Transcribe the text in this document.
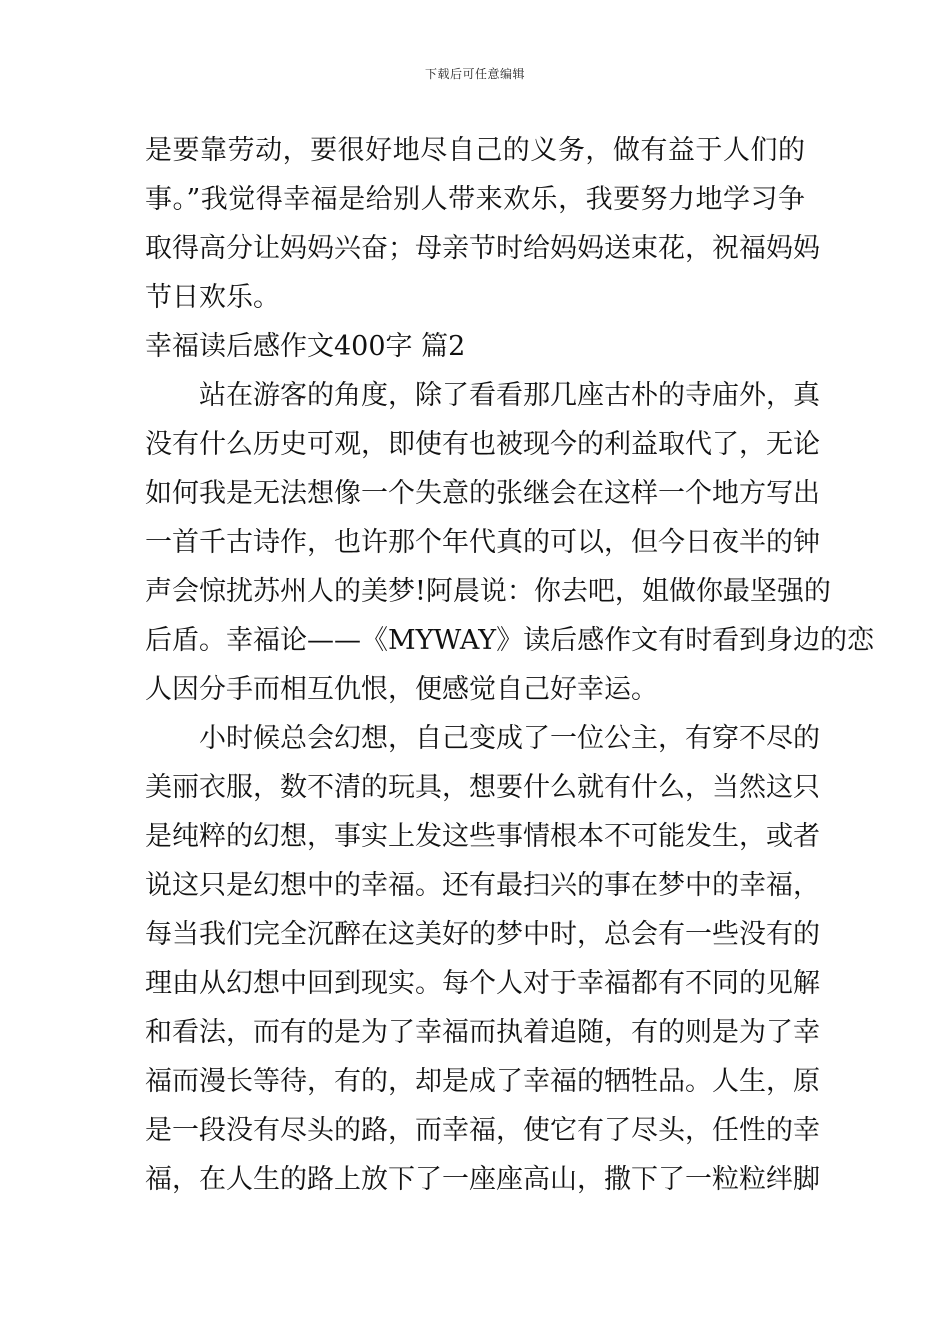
下载后可任意编辑
是要靠劳动，要很好地尽自己的义务，做有益于人们的
事。”我觉得幸福是给别人带来欢乐，我要努力地学习争
取得高分让妈妈兴奋；母亲节时给妈妈送束花，祝福妈妈
节日欢乐。
幸福读后感作文400字 篇2
站在游客的角度，除了看看那几座古朴的寺庙外，真
没有什么历史可观，即使有也被现今的利益取代了，无论
如何我是无法想像一个失意的张继会在这样一个地方写出
一首千古诗作，也许那个年代真的可以，但今日夜半的钟
声会惊扰苏州人的美梦!阿晨说：你去吧，姐做你最坚强的
后盾。幸福论——《MYWAY》读后感作文有时看到身边的恋
人因分手而相互仇恨，便感觉自己好幸运。
小时候总会幻想，自己变成了一位公主，有穿不尽的
美丽衣服，数不清的玩具，想要什么就有什么，当然这只
是纯粹的幻想，事实上发这些事情根本不可能发生，或者
说这只是幻想中的幸福。还有最扫兴的事在梦中的幸福，
每当我们完全沉醉在这美好的梦中时，总会有一些没有的
理由从幻想中回到现实。每个人对于幸福都有不同的见解
和看法，而有的是为了幸福而执着追随，有的则是为了幸
福而漫长等待，有的，却是成了幸福的牺牲品。人生，原
是一段没有尽头的路，而幸福，使它有了尽头，任性的幸
福，在人生的路上放下了一座座高山，撒下了一粒粒绊脚
